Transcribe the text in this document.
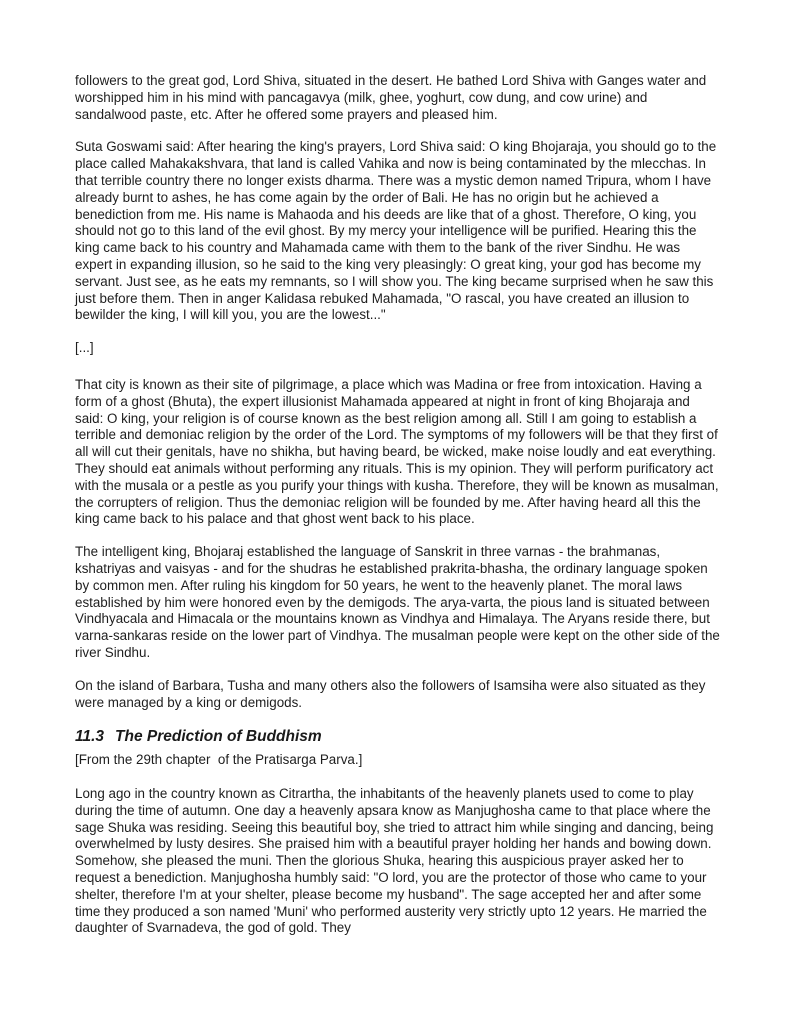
followers to the great god, Lord Shiva, situated in the desert. He bathed Lord Shiva with Ganges water and worshipped him in his mind with pancagavya (milk, ghee, yoghurt, cow dung, and cow urine) and sandalwood paste, etc. After he offered some prayers and pleased him.

Suta Goswami said: After hearing the king's prayers, Lord Shiva said: O king Bhojaraja, you should go to the place called Mahakakshvara, that land is called Vahika and now is being contaminated by the mlecchas. In that terrible country there no longer exists dharma. There was a mystic demon named Tripura, whom I have already burnt to ashes, he has come again by the order of Bali. He has no origin but he achieved a benediction from me. His name is Mahaoda and his deeds are like that of a ghost. Therefore, O king, you should not go to this land of the evil ghost. By my mercy your intelligence will be purified. Hearing this the king came back to his country and Mahamada came with them to the bank of the river Sindhu. He was expert in expanding illusion, so he said to the king very pleasingly: O great king, your god has become my servant. Just see, as he eats my remnants, so I will show you. The king became surprised when he saw this just before them. Then in anger Kalidasa rebuked Mahamada, "O rascal, you have created an illusion to bewilder the king, I will kill you, you are the lowest..."

[...]

That city is known as their site of pilgrimage, a place which was Madina or free from intoxication. Having a form of a ghost (Bhuta), the expert illusionist Mahamada appeared at night in front of king Bhojaraja and said: O king, your religion is of course known as the best religion among all. Still I am going to establish a terrible and demoniac religion by the order of the Lord. The symptoms of my followers will be that they first of all will cut their genitals, have no shikha, but having beard, be wicked, make noise loudly and eat everything. They should eat animals without performing any rituals. This is my opinion. They will perform purificatory act with the musala or a pestle as you purify your things with kusha. Therefore, they will be known as musalman, the corrupters of religion. Thus the demoniac religion will be founded by me. After having heard all this the king came back to his palace and that ghost went back to his place.

The intelligent king, Bhojaraj established the language of Sanskrit in three varnas - the brahmanas, kshatriyas and vaisyas - and for the shudras he established prakrita-bhasha, the ordinary language spoken by common men. After ruling his kingdom for 50 years, he went to the heavenly planet. The moral laws established by him were honored even by the demigods. The arya-varta, the pious land is situated between Vindhyacala and Himacala or the mountains known as Vindhya and Himalaya. The Aryans reside there, but varna-sankaras reside on the lower part of Vindhya. The musalman people were kept on the other side of the river Sindhu.

On the island of Barbara, Tusha and many others also the followers of Isamsiha were also situated as they were managed by a king or demigods.

11.3 The Prediction of Buddhism

[From the 29th chapter  of the Pratisarga Parva.]

Long ago in the country known as Citrartha, the inhabitants of the heavenly planets used to come to play during the time of autumn. One day a heavenly apsara know as Manjughosha came to that place where the sage Shuka was residing. Seeing this beautiful boy, she tried to attract him while singing and dancing, being overwhelmed by lusty desires. She praised him with a beautiful prayer holding her hands and bowing down. Somehow, she pleased the muni. Then the glorious Shuka, hearing this auspicious prayer asked her to request a benediction. Manjughosha humbly said: "O lord, you are the protector of those who came to your shelter, therefore I'm at your shelter, please become my husband". The sage accepted her and after some time they produced a son named 'Muni' who performed austerity very strictly upto 12 years. He married the daughter of Svarnadeva, the god of gold. They
